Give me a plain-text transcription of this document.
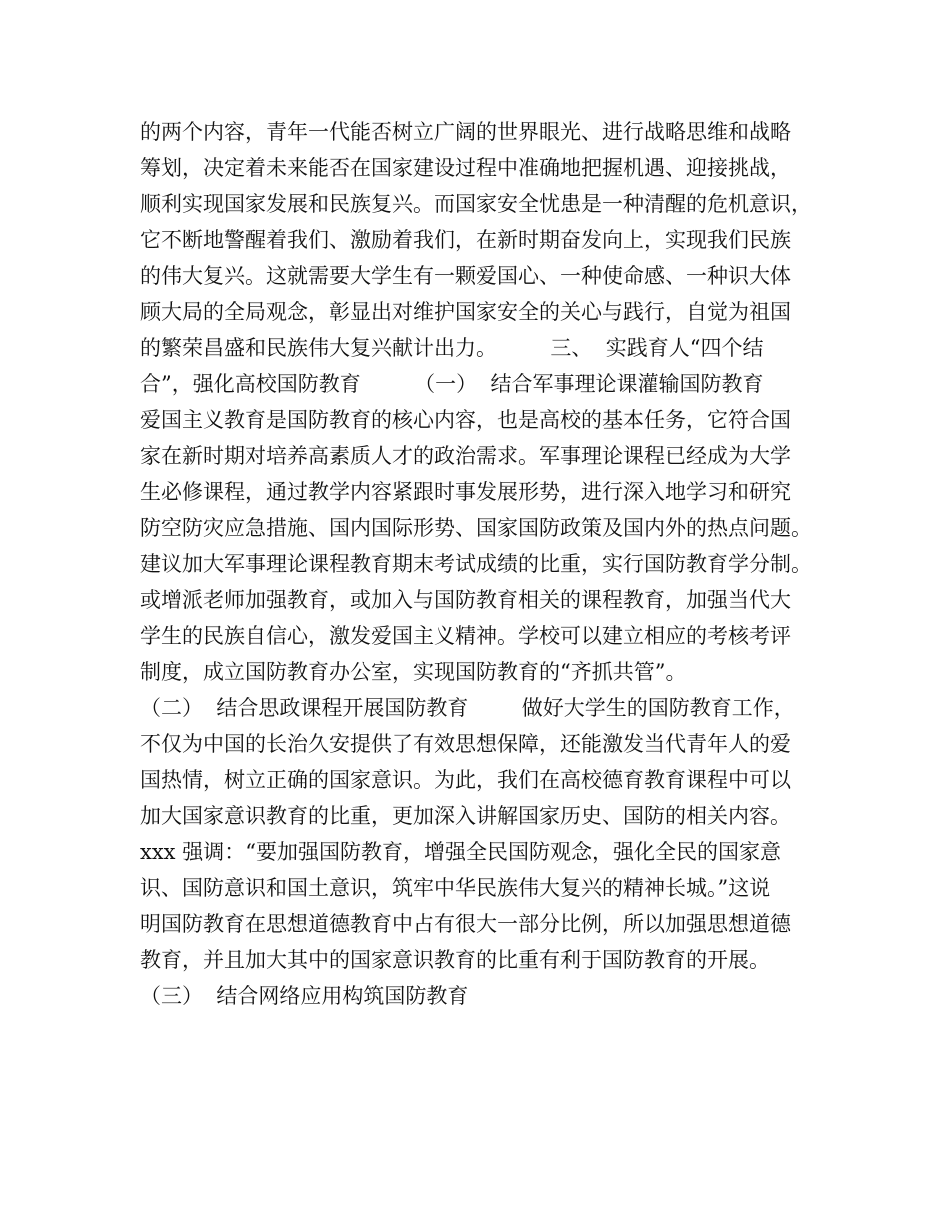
的两个内容，青年一代能否树立广阔的世界眼光、进行战略思维和战略
筹划，决定着未来能否在国家建设过程中准确地把握机遇、迎接挑战，
顺利实现国家发展和民族复兴。而国家安全忧患是一种清醒的危机意识，
它不断地警醒着我们、激励着我们，在新时期奋发向上，实现我们民族
的伟大复兴。这就需要大学生有一颗爱国心、一种使命感、一种识大体
顾大局的全局观念，彰显出对维护国家安全的关心与践行，自觉为祖国
的繁荣昌盛和民族伟大复兴献计出力。        三、  实践育人“四个结
合”，强化高校国防教育        （一）  结合军事理论课灌输国防教育
爱国主义教育是国防教育的核心内容，也是高校的基本任务，它符合国
家在新时期对培养高素质人才的政治需求。军事理论课程已经成为大学
生必修课程，通过教学内容紧跟时事发展形势，进行深入地学习和研究
防空防灾应急措施、国内国际形势、国家国防政策及国内外的热点问题。
建议加大军事理论课程教育期末考试成绩的比重，实行国防教育学分制。
或增派老师加强教育，或加入与国防教育相关的课程教育，加强当代大
学生的民族自信心，激发爱国主义精神。学校可以建立相应的考核考评
制度，成立国防教育办公室，实现国防教育的“齐抓共管”。
（二）  结合思政课程开展国防教育        做好大学生的国防教育工作，
不仅为中国的长治久安提供了有效思想保障，还能激发当代青年人的爱
国热情，树立正确的国家意识。为此，我们在高校德育教育课程中可以
加大国家意识教育的比重，更加深入讲解国家历史、国防的相关内容。
xxx 强调：“要加强国防教育，增强全民国防观念，强化全民的国家意
识、国防意识和国土意识，筑牢中华民族伟大复兴的精神长城。”这说
明国防教育在思想道德教育中占有很大一部分比例，所以加强思想道德
教育，并且加大其中的国家意识教育的比重有利于国防教育的开展。
（三）  结合网络应用构筑国防教育
